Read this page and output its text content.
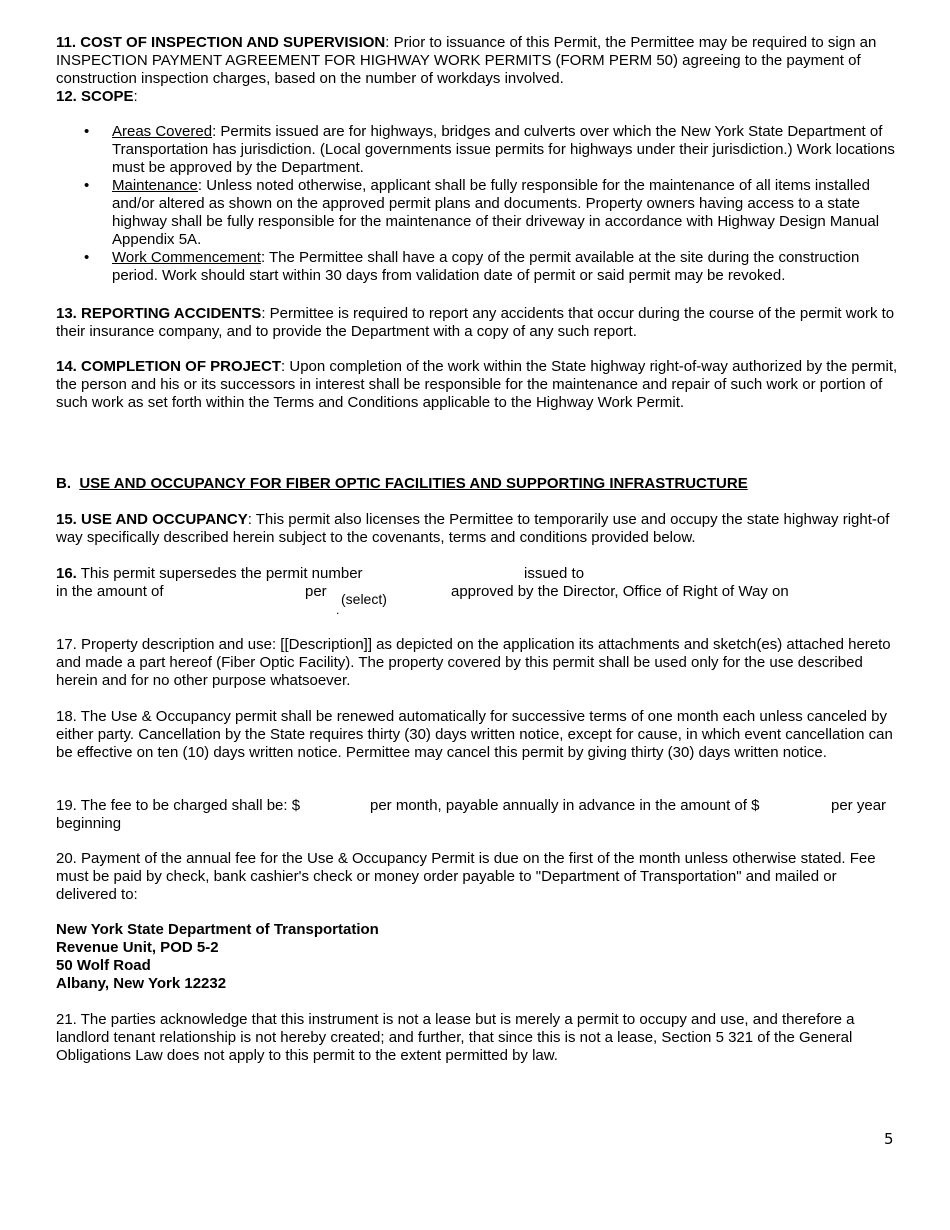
11. COST OF INSPECTION AND SUPERVISION: Prior to issuance of this Permit, the Permittee may be required to sign an INSPECTION PAYMENT AGREEMENT FOR HIGHWAY WORK PERMITS (FORM PERM 50) agreeing to the payment of construction inspection charges, based on the number of workdays involved.

12. SCOPE:

• Areas Covered: Permits issued are for highways, bridges and culverts over which the New York State Department of Transportation has jurisdiction. (Local governments issue permits for highways under their jurisdiction.) Work locations must be approved by the Department.
• Maintenance: Unless noted otherwise, applicant shall be fully responsible for the maintenance of all items installed and/or altered as shown on the approved permit plans and documents. Property owners having access to a state highway shall be fully responsible for the maintenance of their driveway in accordance with Highway Design Manual Appendix 5A.
• Work Commencement: The Permittee shall have a copy of the permit available at the site during the construction period. Work should start within 30 days from validation date of permit or said permit may be revoked.

13. REPORTING ACCIDENTS: Permittee is required to report any accidents that occur during the course of the permit work to their insurance company, and to provide the Department with a copy of any such report.

14. COMPLETION OF PROJECT: Upon completion of the work within the State highway right-of-way authorized by the permit, the person and his or its successors in interest shall be responsible for the maintenance and repair of such work or portion of such work as set forth within the Terms and Conditions applicable to the Highway Work Permit.

B. USE AND OCCUPANCY FOR FIBER OPTIC FACILITIES AND SUPPORTING INFRASTRUCTURE

15. USE AND OCCUPANCY: This permit also licenses the Permittee to temporarily use and occupy the state highway right-of way specifically described herein subject to the covenants, terms and conditions provided below.

16. This permit supersedes the permit number	issued to
in the amount of	per (select)
.
approved by the Director, Office of Right of Way on

17. Property description and use: [[Description]] as depicted on the application its attachments and sketch(es) attached hereto and made a part hereof (Fiber Optic Facility). The property covered by this permit shall be used only for the use described herein and for no other purpose whatsoever.

18. The Use & Occupancy permit shall be renewed automatically for successive terms of one month each unless canceled by either party. Cancellation by the State requires thirty (30) days written notice, except for cause, in which event cancellation can be effective on ten (10) days written notice. Permittee may cancel this permit by giving thirty (30) days written notice.

19. The fee to be charged shall be: $	per month, payable annually in advance in the amount of $	per year
beginning

20. Payment of the annual fee for the Use & Occupancy Permit is due on the first of the month unless otherwise stated. Fee must be paid by check, bank cashier's check or money order payable to "Department of Transportation" and mailed or delivered to:

New York State Department of Transportation
Revenue Unit, POD 5-2
50 Wolf Road
Albany, New York 12232

21. The parties acknowledge that this instrument is not a lease but is merely a permit to occupy and use, and therefore a landlord tenant relationship is not hereby created; and further, that since this is not a lease, Section 5 321 of the General Obligations Law does not apply to this permit to the extent permitted by law.

5
